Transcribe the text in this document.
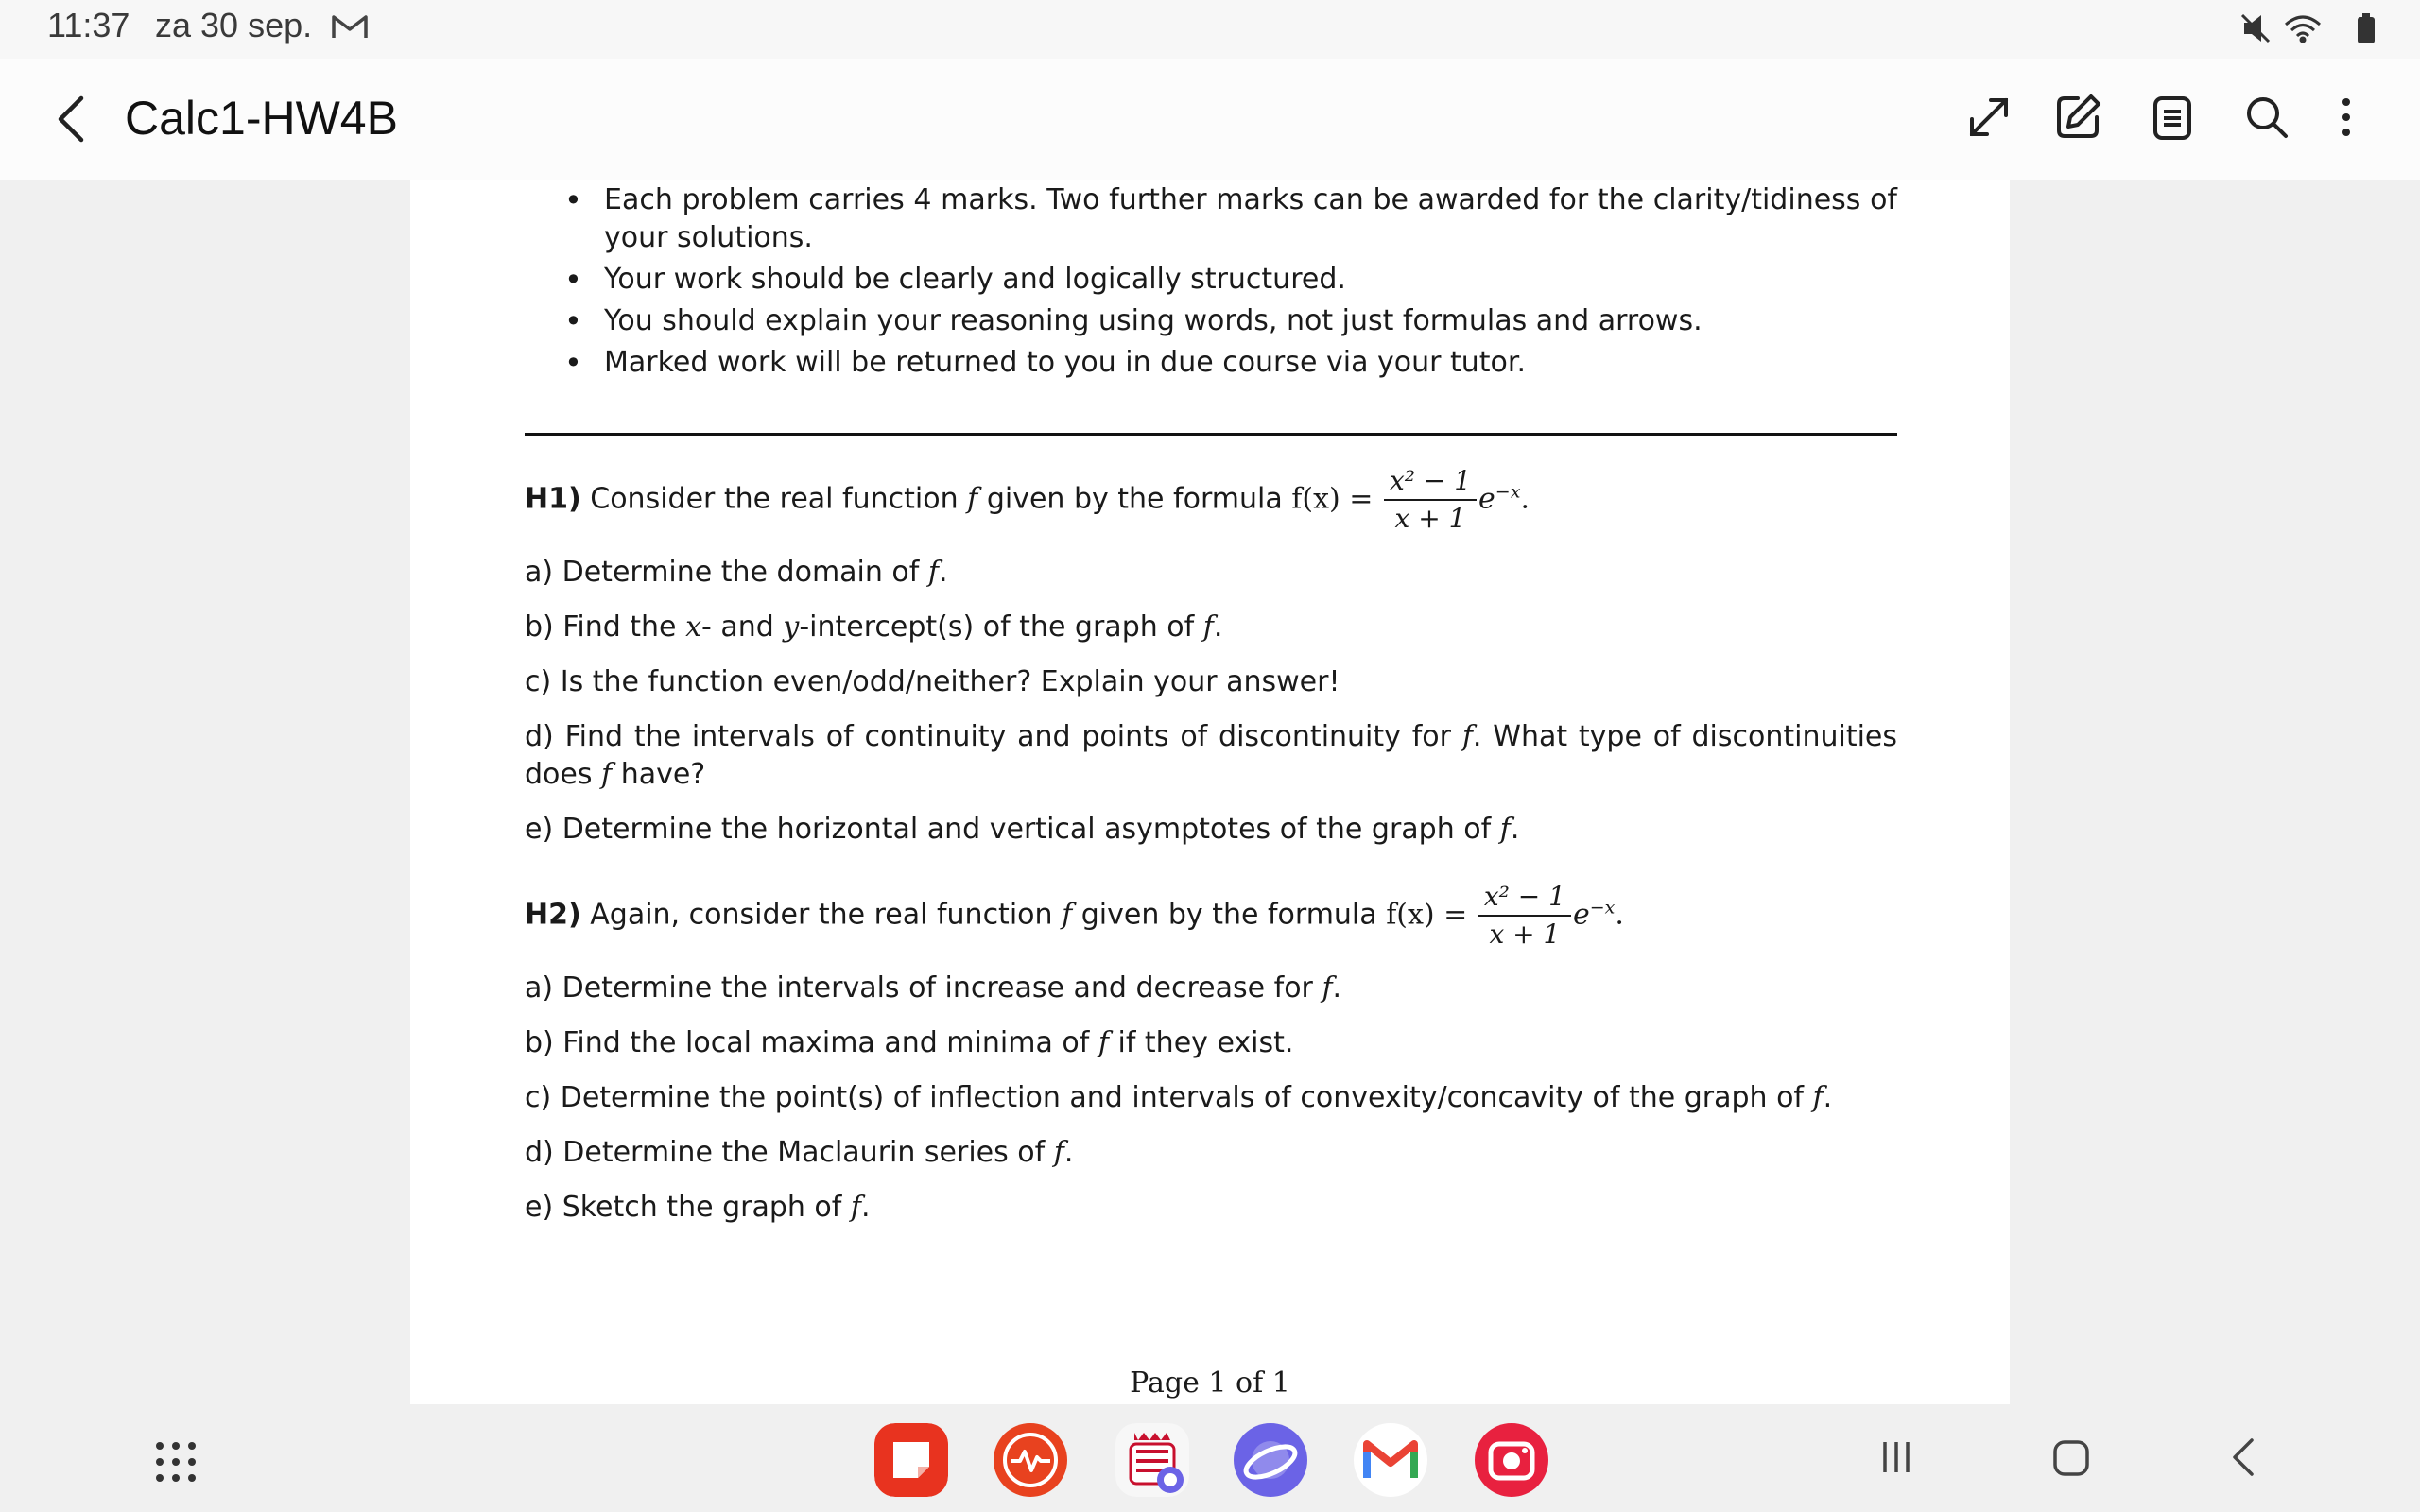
11:37 za 30 sep.
Calc1-HW4B
• Each problem carries 4 marks. Two further marks can be awarded for the clarity/tidiness of your solutions.
• Your work should be clearly and logically structured.
• You should explain your reasoning using words, not just formulas and arrows.
• Marked work will be returned to you in due course via your tutor.
H1) Consider the real function f given by the formula $f(x) = \frac{\text{x² − 1}}{x + 1} e^{-x}$.
a) Determine the domain of f.
b) Find the x- and y-intercept(s) of the graph of f.
c) Is the function even/odd/neither? Explain your answer!
d) Find the intervals of continuity and points of discontinuity for f. What type of discontinuities does f have?
e) Determine the horizontal and vertical asymptotes of the graph of f.
H2) Again, consider the real function f given by the formula $f(x) = \frac{\text{x² − 1}}{x + 1} e^{-x}$.
a) Determine the intervals of increase and decrease for f.
b) Find the local maxima and minima of f if they exist.
c) Determine the point(s) of inflection and intervals of convexity/concavity of the graph of f.
d) Determine the Maclaurin series of f.
e) Sketch the graph of f.
Page 1 of 1
